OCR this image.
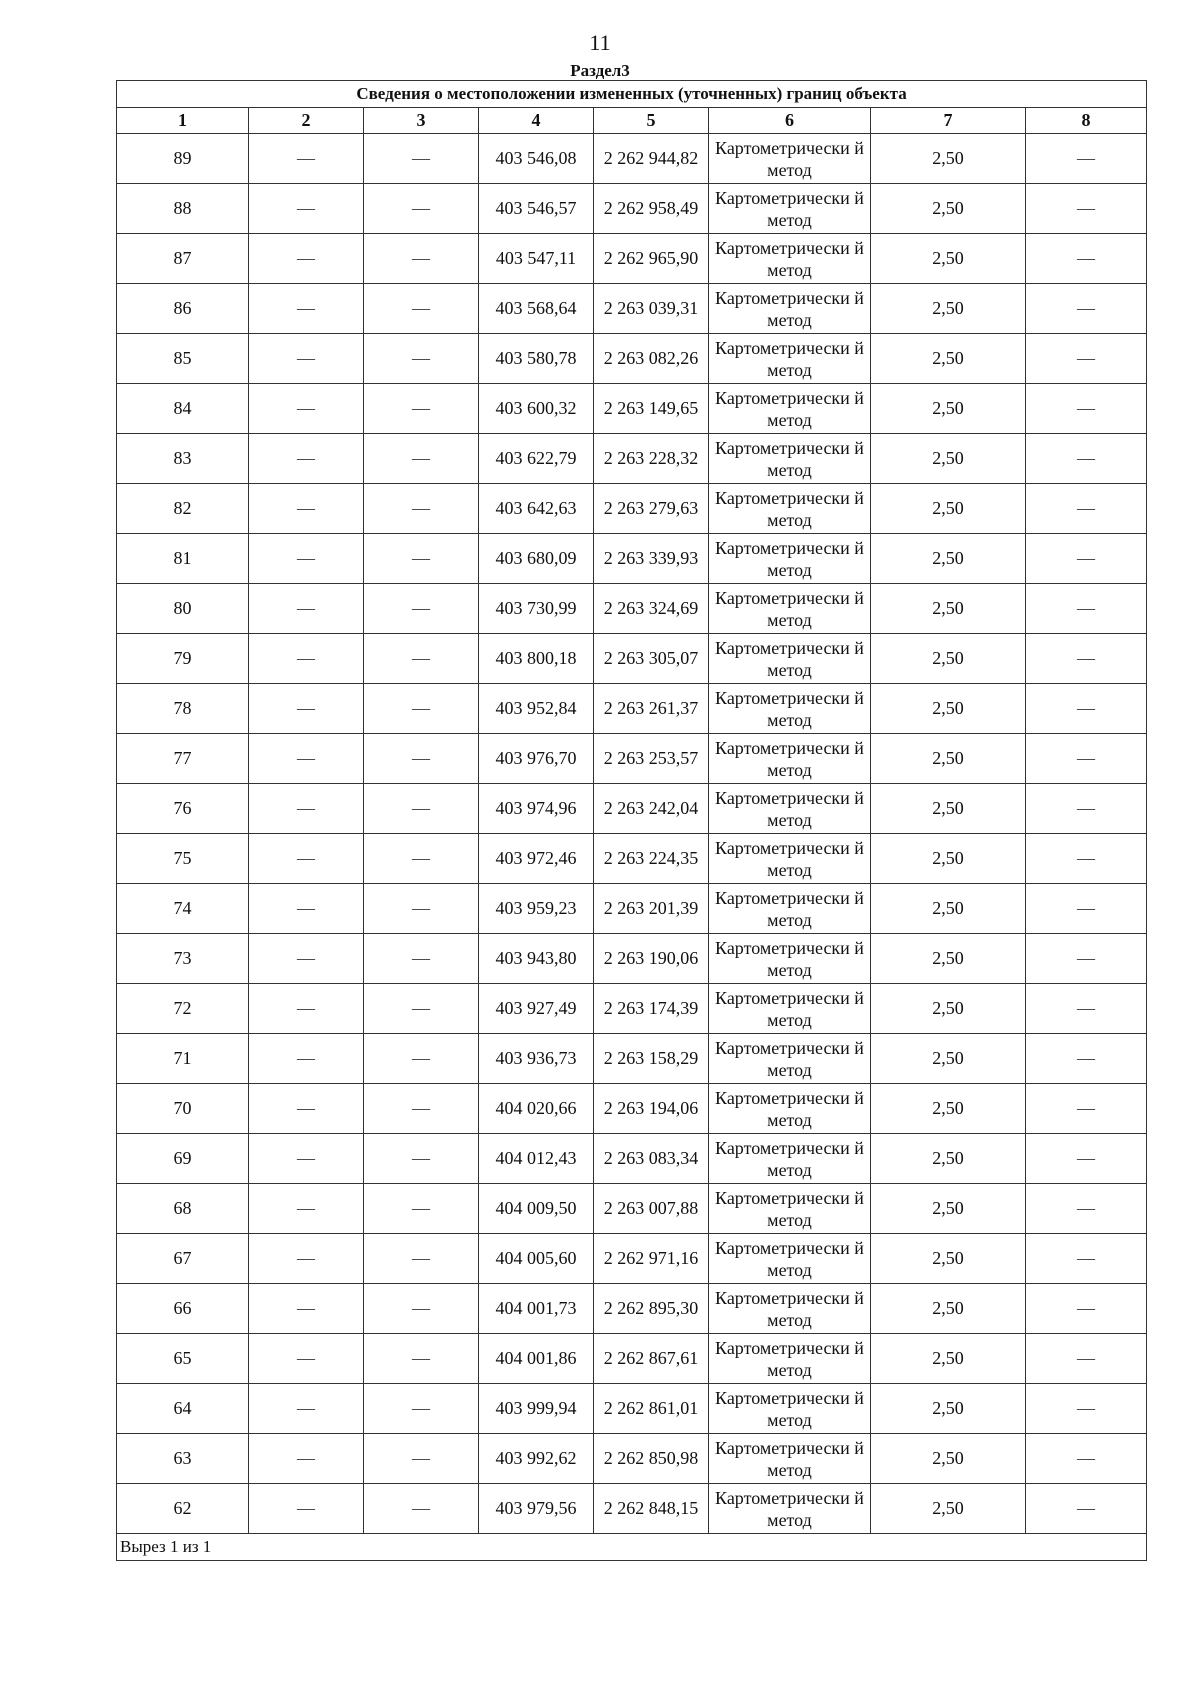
11
Раздел3
Сведения о местоположении измененных (уточненных) границ объекта							
1	2	3	4	5	6	7	8
89	—	—	403 546,08	2 262 944,82	Картометрически й метод	2,50	—
88	—	—	403 546,57	2 262 958,49	Картометрически й метод	2,50	—
87	—	—	403 547,11	2 262 965,90	Картометрически й метод	2,50	—
86	—	—	403 568,64	2 263 039,31	Картометрически й метод	2,50	—
85	—	—	403 580,78	2 263 082,26	Картометрически й метод	2,50	—
84	—	—	403 600,32	2 263 149,65	Картометрически й метод	2,50	—
83	—	—	403 622,79	2 263 228,32	Картометрически й метод	2,50	—
82	—	—	403 642,63	2 263 279,63	Картометрически й метод	2,50	—
81	—	—	403 680,09	2 263 339,93	Картометрически й метод	2,50	—
80	—	—	403 730,99	2 263 324,69	Картометрически й метод	2,50	—
79	—	—	403 800,18	2 263 305,07	Картометрически й метод	2,50	—
78	—	—	403 952,84	2 263 261,37	Картометрически й метод	2,50	—
77	—	—	403 976,70	2 263 253,57	Картометрически й метод	2,50	—
76	—	—	403 974,96	2 263 242,04	Картометрически й метод	2,50	—
75	—	—	403 972,46	2 263 224,35	Картометрически й метод	2,50	—
74	—	—	403 959,23	2 263 201,39	Картометрически й метод	2,50	—
73	—	—	403 943,80	2 263 190,06	Картометрически й метод	2,50	—
72	—	—	403 927,49	2 263 174,39	Картометрически й метод	2,50	—
71	—	—	403 936,73	2 263 158,29	Картометрически й метод	2,50	—
70	—	—	404 020,66	2 263 194,06	Картометрически й метод	2,50	—
69	—	—	404 012,43	2 263 083,34	Картометрически й метод	2,50	—
68	—	—	404 009,50	2 263 007,88	Картометрически й метод	2,50	—
67	—	—	404 005,60	2 262 971,16	Картометрически й метод	2,50	—
66	—	—	404 001,73	2 262 895,30	Картометрически й метод	2,50	—
65	—	—	404 001,86	2 262 867,61	Картометрически й метод	2,50	—
64	—	—	403 999,94	2 262 861,01	Картометрически й метод	2,50	—
63	—	—	403 992,62	2 262 850,98	Картометрически й метод	2,50	—
62	—	—	403 979,56	2 262 848,15	Картометрически й метод	2,50	—
Вырез 1 из 1							
